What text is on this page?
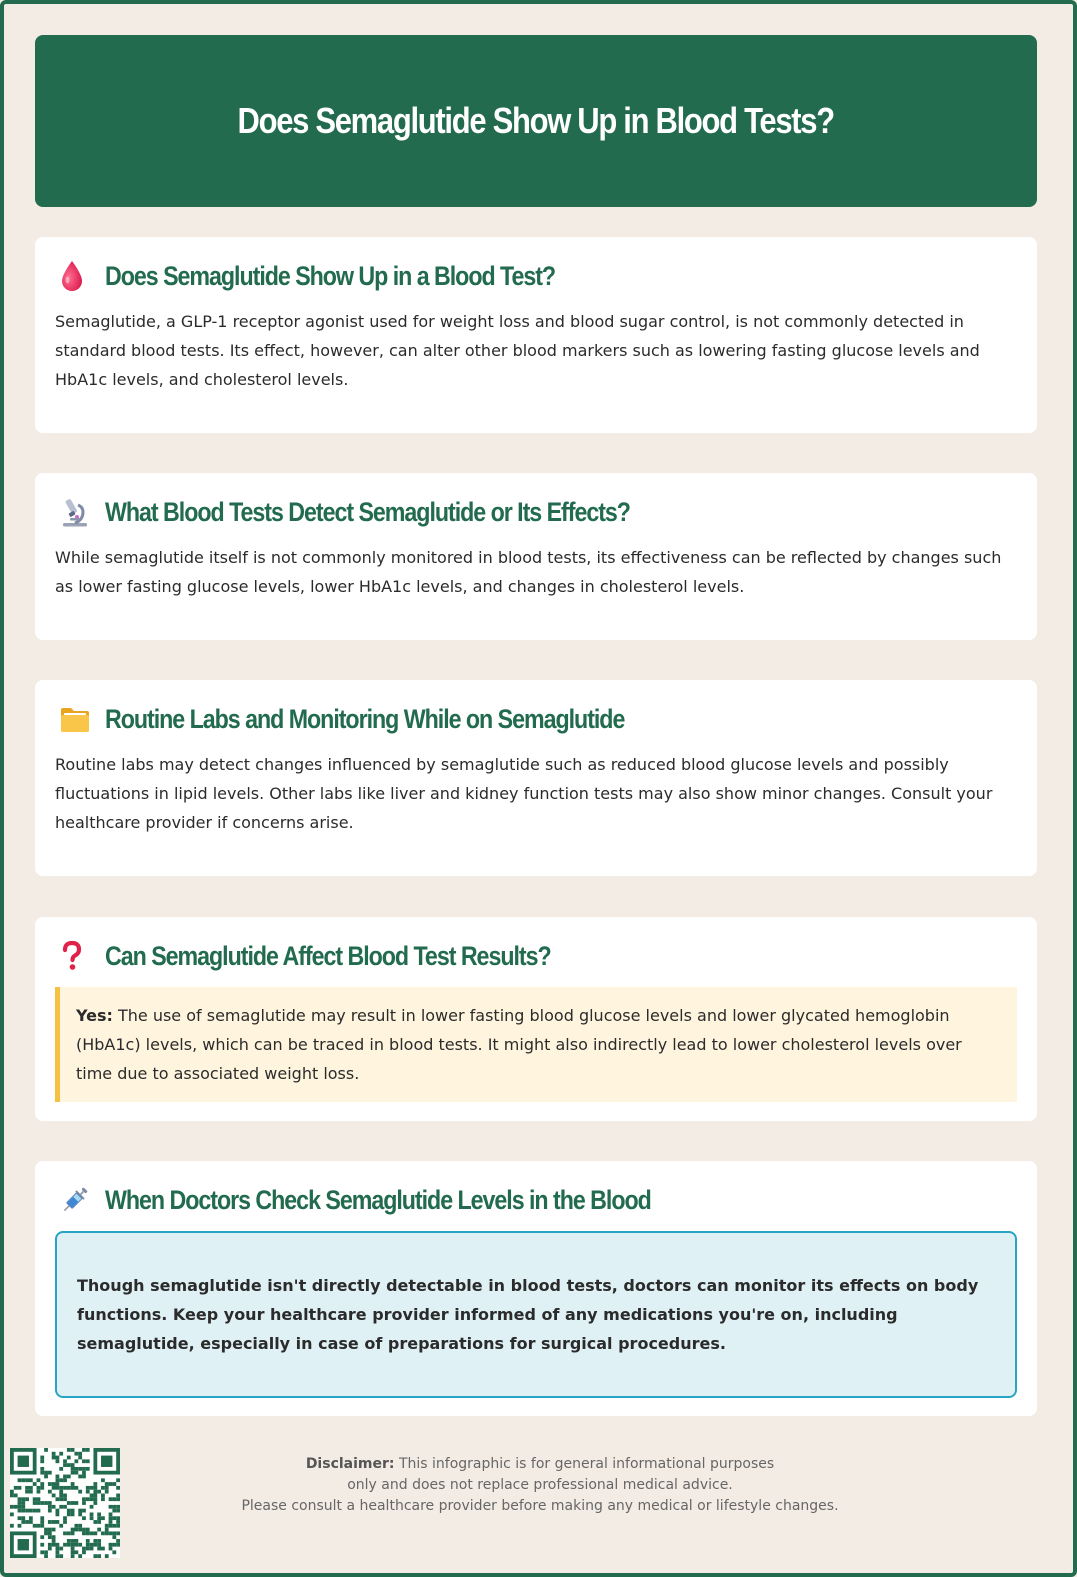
Does Semaglutide Show Up in Blood Tests?
Does Semaglutide Show Up in a Blood Test?

Semaglutide, a GLP-1 receptor agonist used for weight loss and blood sugar control, is not commonly detected in standard blood tests. Its effect, however, can alter other blood markers such as lowering fasting glucose levels and HbA1c levels, and cholesterol levels.

What Blood Tests Detect Semaglutide or Its Effects?

While semaglutide itself is not commonly monitored in blood tests, its effectiveness can be reflected by changes such as lower fasting glucose levels, lower HbA1c levels, and changes in cholesterol levels.

Routine Labs and Monitoring While on Semaglutide

Routine labs may detect changes influenced by semaglutide such as reduced blood glucose levels and possibly fluctuations in lipid levels. Other labs like liver and kidney function tests may also show minor changes. Consult your healthcare provider if concerns arise.

Can Semaglutide Affect Blood Test Results?

Yes: The use of semaglutide may result in lower fasting blood glucose levels and lower glycated hemoglobin (HbA1c) levels, which can be traced in blood tests. It might also indirectly lead to lower cholesterol levels over time due to associated weight loss.

When Doctors Check Semaglutide Levels in the Blood

Though semaglutide isn't directly detectable in blood tests, doctors can monitor its effects on body functions. Keep your healthcare provider informed of any medications you're on, including semaglutide, especially in case of preparations for surgical procedures.

Disclaimer: This infographic is for general informational purposes
only and does not replace professional medical advice.
Please consult a healthcare provider before making any medical or lifestyle changes.
